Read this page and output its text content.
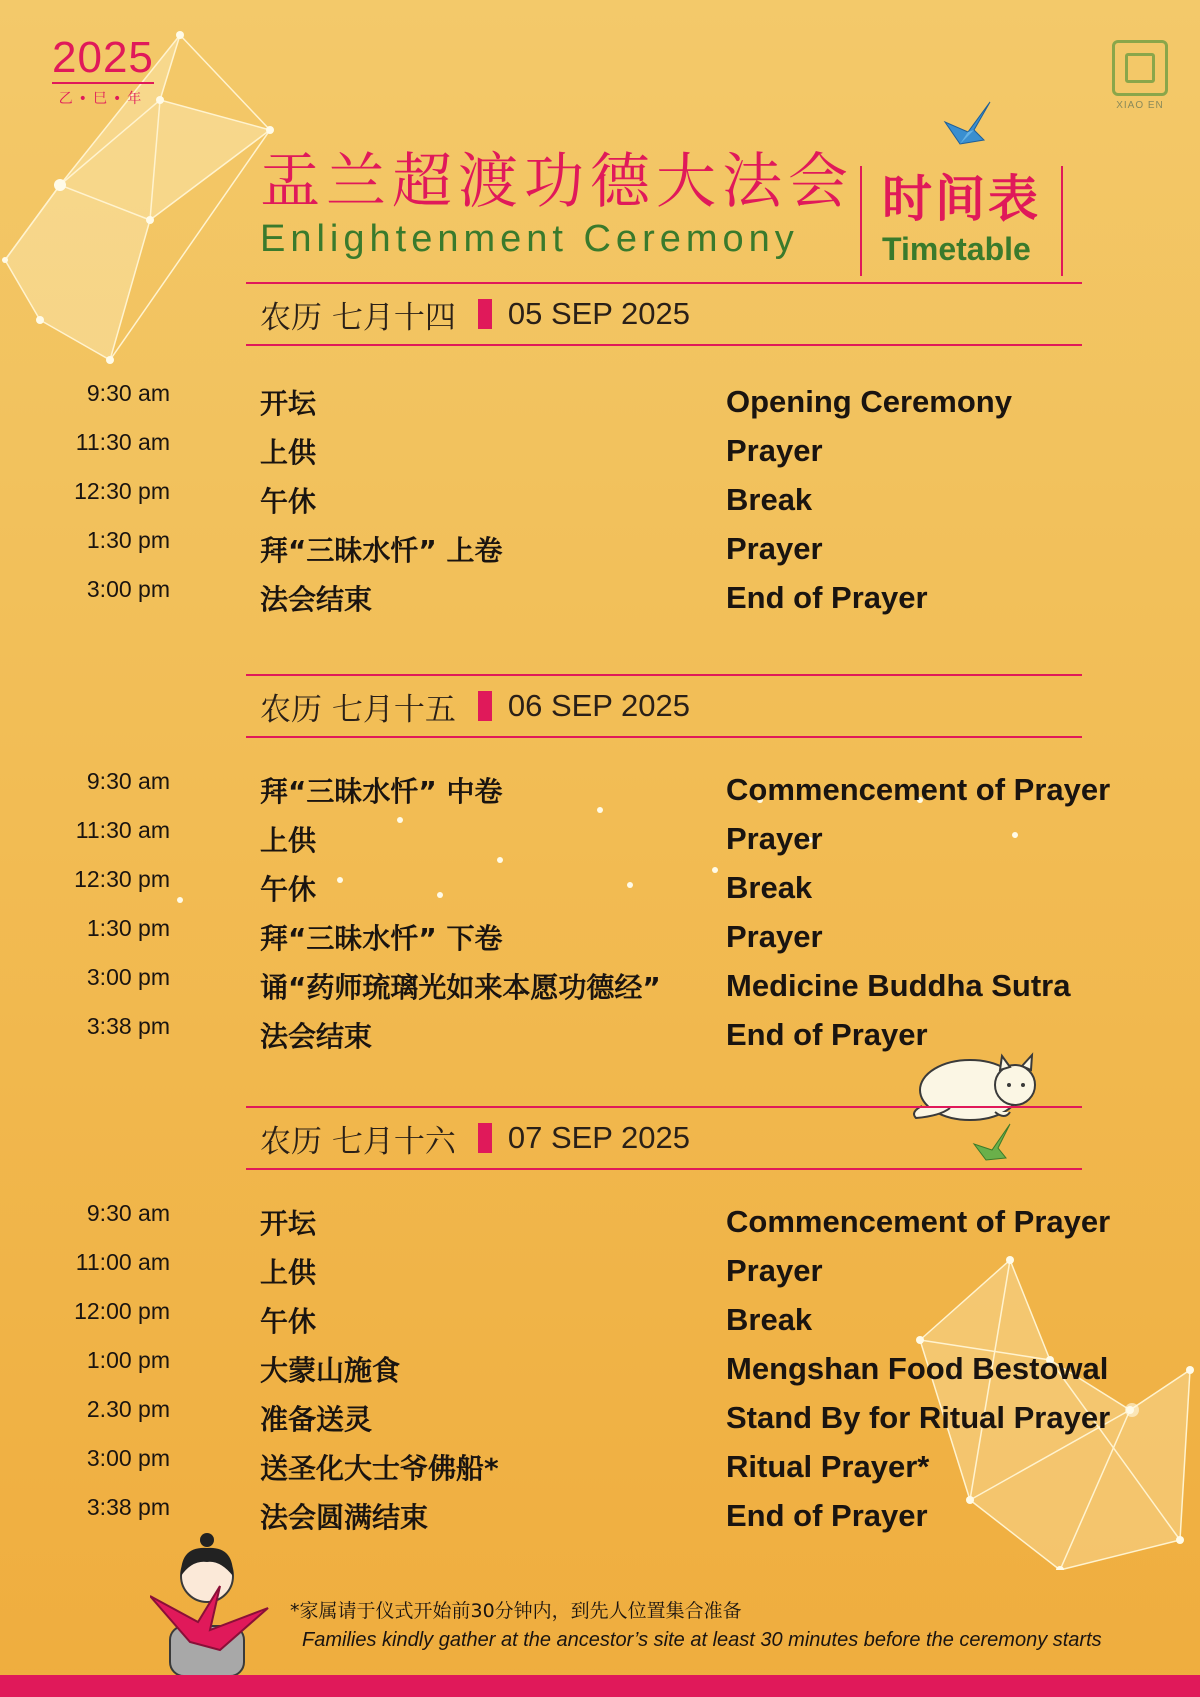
2025
乙•巳•年	XIAO EN
盂兰超渡功德大法会
Enlightenment Ceremony
时间表
Timetable
农历 七月十四 05 SEP 2025
9:30 am	开坛	Opening Ceremony
11:30 am	上供	Prayer
12:30 pm	午休	Break
1:30 pm	拜“三昧水忏” 上卷	Prayer
3:00 pm	法会结束	End of Prayer
农历 七月十五 06 SEP 2025
9:30 am	拜“三昧水忏” 中卷	Commencement of Prayer
11:30 am	上供	Prayer
12:30 pm	午休	Break
1:30 pm	拜“三昧水忏” 下卷	Prayer
3:00 pm	诵“药师琉璃光如来本愿功德经” Medicine Buddha Sutra
3:38 pm	法会结束	End of Prayer
农历 七月十六 07 SEP 2025
9:30 am	开坛	Commencement of Prayer
11:00 am	上供	Prayer
12:00 pm	午休	Break
1:00 pm	大蒙山施食	Mengshan Food Bestowal
2.30 pm	准备送灵	Stand By for Ritual Prayer
3:00 pm	送圣化大士爷佛船*	Ritual Prayer*
3:38 pm	法会圆满结束	End of Prayer
*家属请于仪式开始前30分钟内，到先人位置集合准备
Families kindly gather at the ancestor’s site at least 30 minutes before the ceremony starts
